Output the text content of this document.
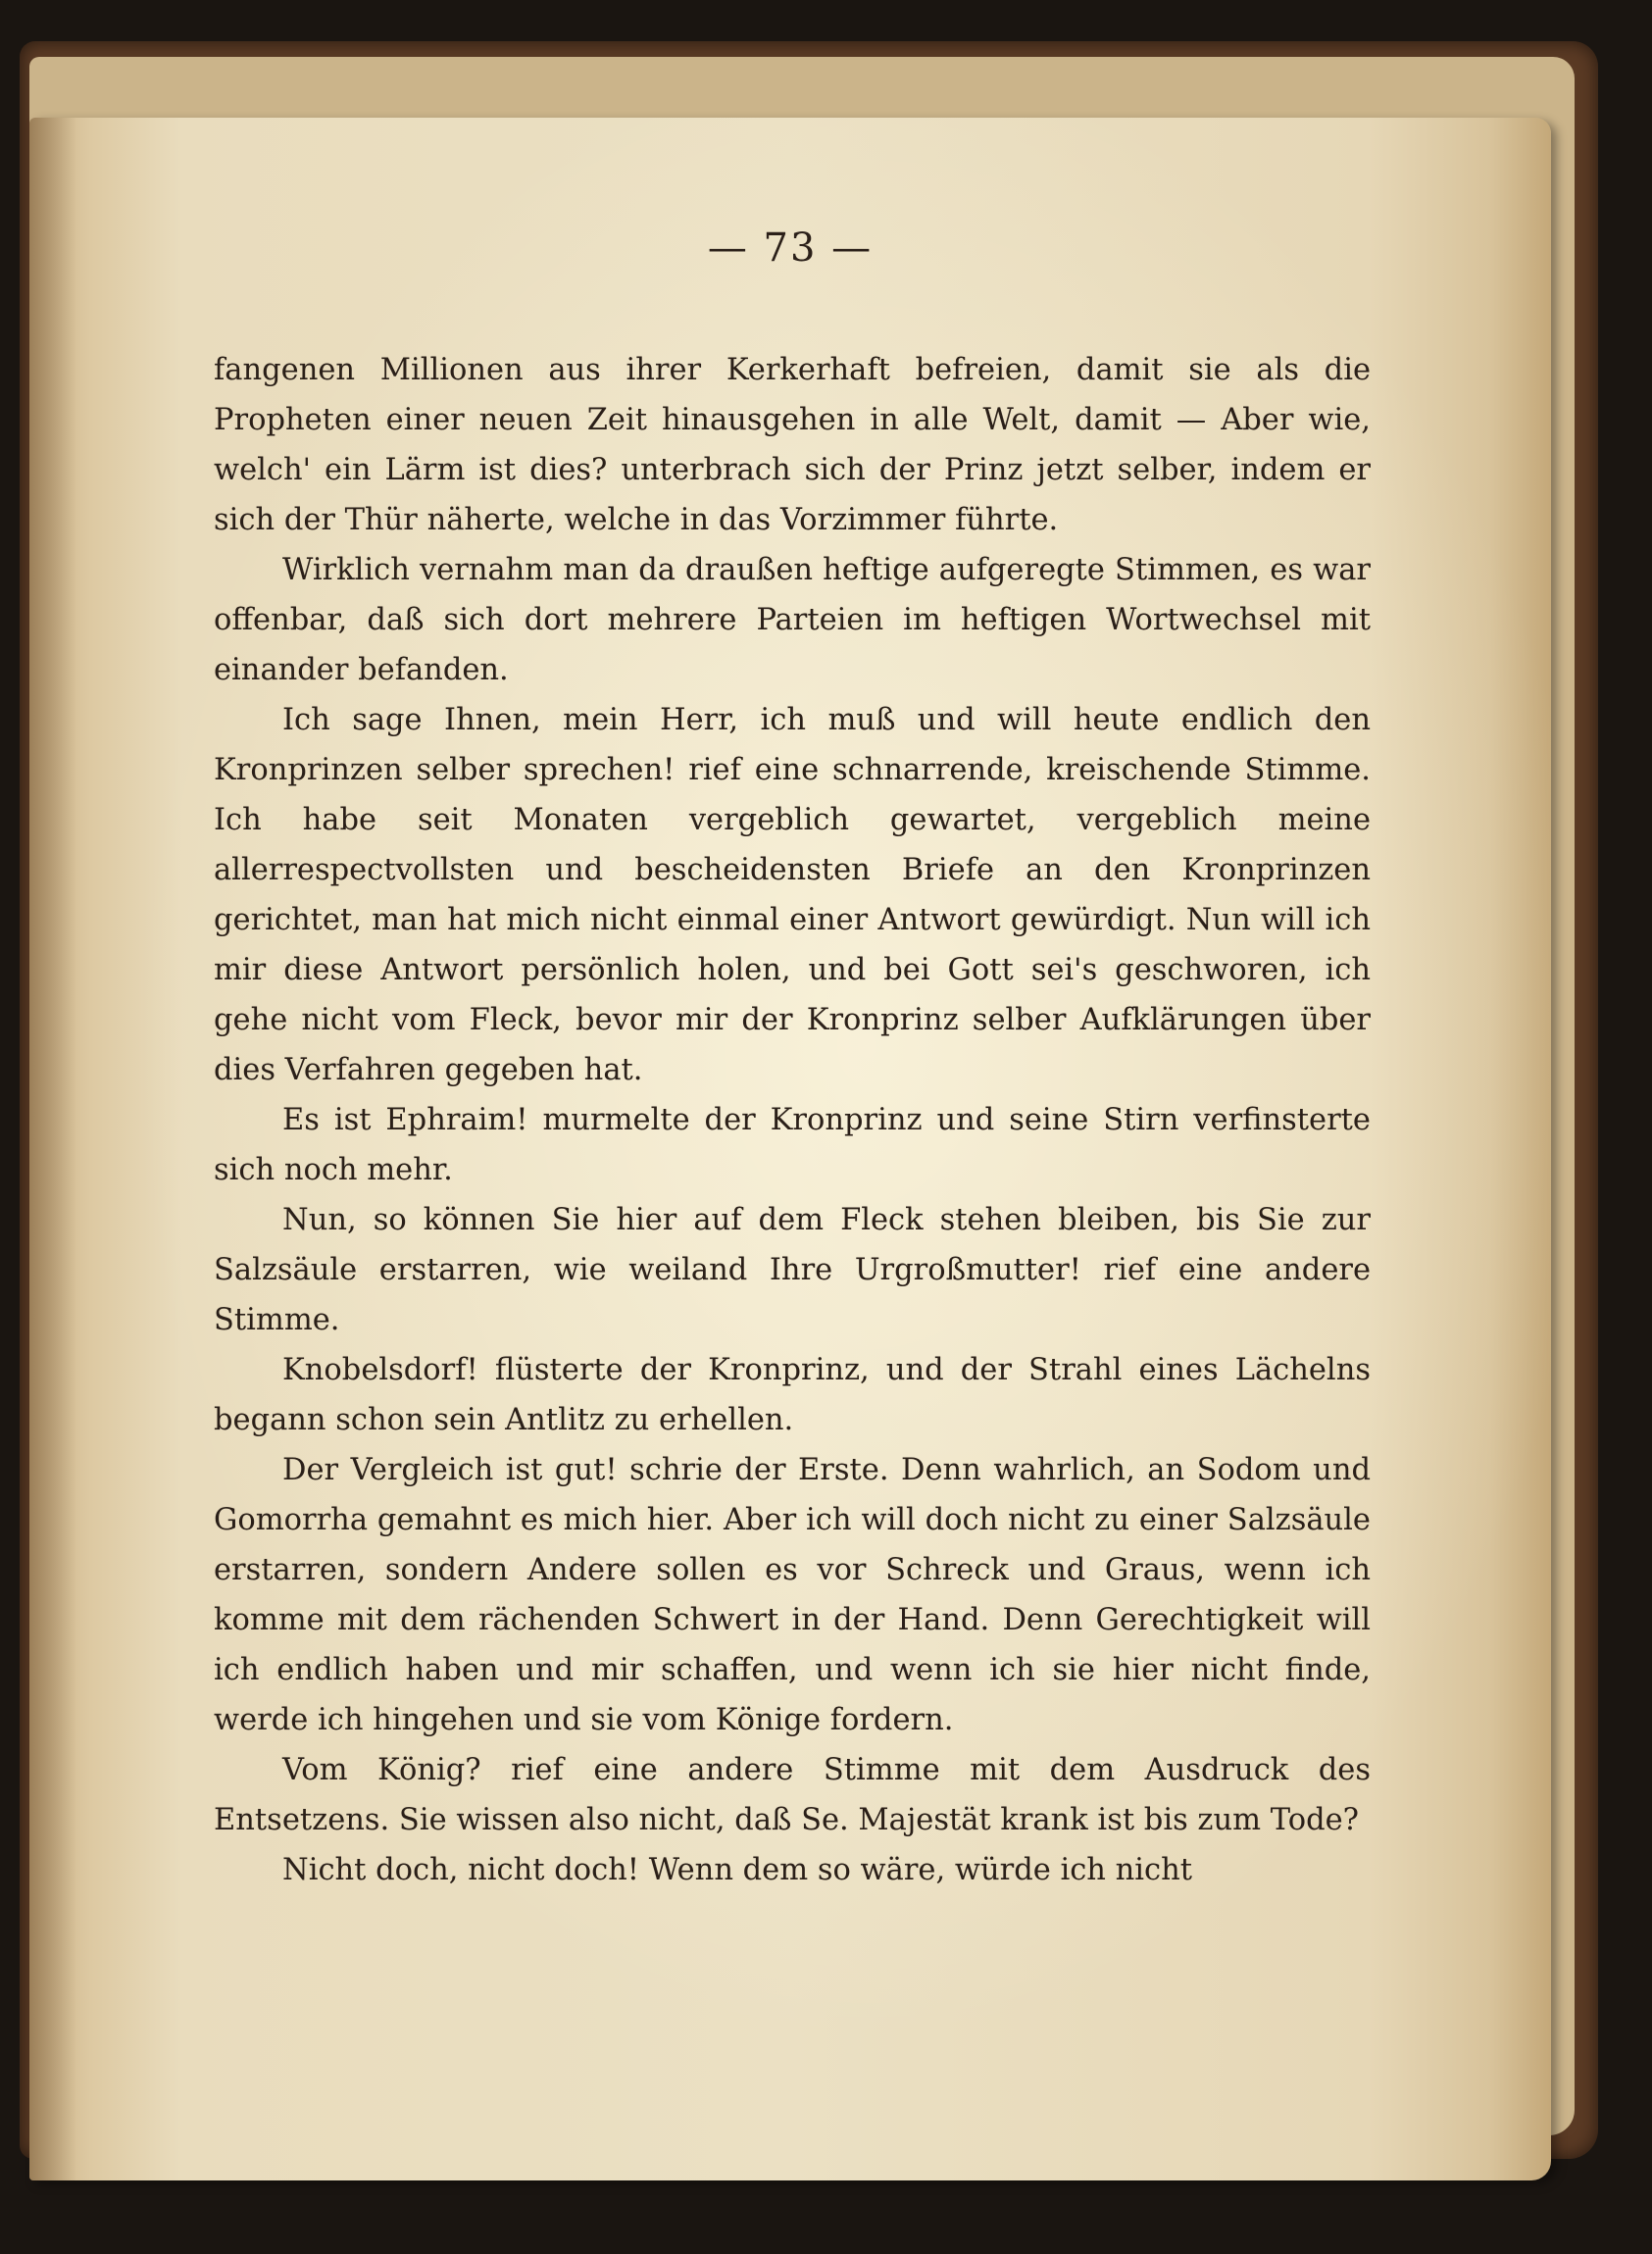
— 73 —

fangenen Millionen aus ihrer Kerkerhaft befreien, damit sie als die Propheten einer neuen Zeit hinausgehen in alle Welt, damit — Aber wie, welch' ein Lärm ist dies? unterbrach sich der Prinz jetzt selber, indem er sich der Thür näherte, welche in das Vorzimmer führte.

Wirklich vernahm man da draußen heftige aufgeregte Stimmen, es war offenbar, daß sich dort mehrere Parteien im heftigen Wortwechsel mit einander befanden.

Ich sage Ihnen, mein Herr, ich muß und will heute endlich den Kronprinzen selber sprechen! rief eine schnarrende, kreischende Stimme. Ich habe seit Monaten vergeblich gewartet, vergeblich meine allerrespectvollsten und bescheidensten Briefe an den Kronprinzen gerichtet, man hat mich nicht einmal einer Antwort gewürdigt. Nun will ich mir diese Antwort persönlich holen, und bei Gott sei's geschworen, ich gehe nicht vom Fleck, bevor mir der Kronprinz selber Aufklärungen über dies Verfahren gegeben hat.

Es ist Ephraim! murmelte der Kronprinz und seine Stirn verfinsterte sich noch mehr.

Nun, so können Sie hier auf dem Fleck stehen bleiben, bis Sie zur Salzsäule erstarren, wie weiland Ihre Urgroßmutter! rief eine andere Stimme.

Knobelsdorf! flüsterte der Kronprinz, und der Strahl eines Lächelns begann schon sein Antlitz zu erhellen.

Der Vergleich ist gut! schrie der Erste. Denn wahrlich, an Sodom und Gomorrha gemahnt es mich hier. Aber ich will doch nicht zu einer Salzsäule erstarren, sondern Andere sollen es vor Schreck und Graus, wenn ich komme mit dem rächenden Schwert in der Hand. Denn Gerechtigkeit will ich endlich haben und mir schaffen, und wenn ich sie hier nicht finde, werde ich hingehen und sie vom Könige fordern.

Vom König? rief eine andere Stimme mit dem Ausdruck des Entsetzens. Sie wissen also nicht, daß Se. Majestät krank ist bis zum Tode?

Nicht doch, nicht doch! Wenn dem so wäre, würde ich nicht
